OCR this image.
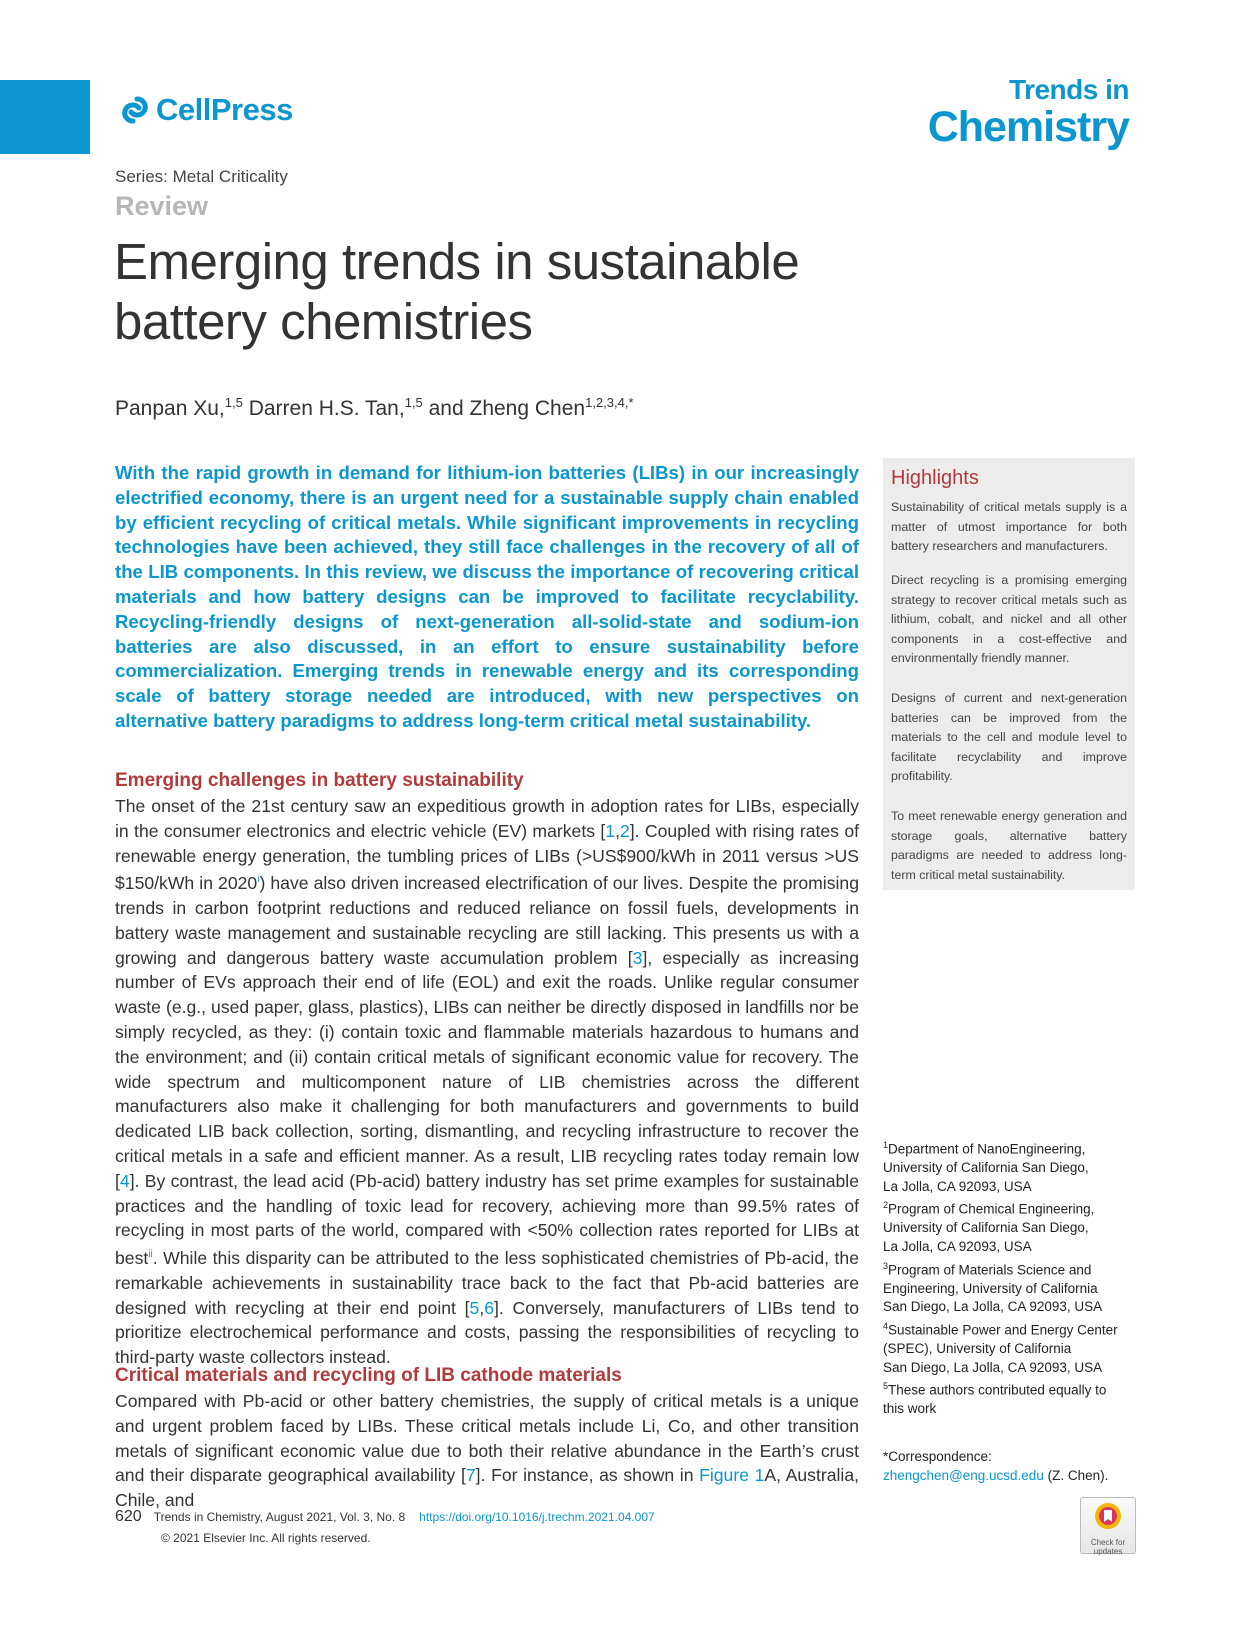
CellPress
Trends in
Chemistry
Series: Metal Criticality
Review
Emerging trends in sustainable
battery chemistries
Panpan Xu,$^{1,5}$ Darren H.S. Tan,$^{1,5}$ and Zheng Chen$^{1,2,3,4,*}$

With the rapid growth in demand for lithium-ion batteries (LIBs) in our increasingly electrified economy, there is an urgent need for a sustainable supply chain enabled by efficient recycling of critical metals. While significant improvements in recycling technologies have been achieved, they still face challenges in the recovery of all of the LIB components. In this review, we discuss the importance of recovering critical materials and how battery designs can be improved to facilitate recyclability. Recycling-friendly designs of next-generation all-solid-state and sodium-ion batteries are also discussed, in an effort to ensure sustainability before commercialization. Emerging trends in renewable energy and its corresponding scale of battery storage needed are introduced, with new perspectives on alternative battery paradigms to address long-term critical metal sustainability.

Emerging challenges in battery sustainability

The onset of the 21st century saw an expeditious growth in adoption rates for LIBs, especially in the consumer electronics and electric vehicle (EV) markets [1,2]. Coupled with rising rates of renewable energy generation, the tumbling prices of LIBs (>US$900/kWh in 2011 versus >US $150/kWh in 2020$^i$) have also driven increased electrification of our lives. Despite the promising trends in carbon footprint reductions and reduced reliance on fossil fuels, developments in battery waste management and sustainable recycling are still lacking. This presents us with a growing and dangerous battery waste accumulation problem [3], especially as increasing number of EVs approach their end of life (EOL) and exit the roads. Unlike regular consumer waste (e.g., used paper, glass, plastics), LIBs can neither be directly disposed in landfills nor be simply recycled, as they: (i) contain toxic and flammable materials hazardous to humans and the environment; and (ii) contain critical metals of significant economic value for recovery. The wide spectrum and multicomponent nature of LIB chemistries across the different manufacturers also make it challenging for both manufacturers and governments to build dedicated LIB back collection, sorting, dismantling, and recycling infrastructure to recover the critical metals in a safe and efficient manner. As a result, LIB recycling rates today remain low [4]. By contrast, the lead acid (Pb-acid) battery industry has set prime examples for sustainable practices and the handling of toxic lead for recovery, achieving more than 99.5% rates of recycling in most parts of the world, compared with <50% collection rates reported for LIBs at best$^{ii}$. While this disparity can be attributed to the less sophisticated chemistries of Pb-acid, the remarkable achievements in sustainability trace back to the fact that Pb-acid batteries are designed with recycling at their end point [5,6]. Conversely, manufacturers of LIBs tend to prioritize electrochemical performance and costs, passing the responsibilities of recycling to third-party waste collectors instead.

Critical materials and recycling of LIB cathode materials

Compared with Pb-acid or other battery chemistries, the supply of critical metals is a unique and urgent problem faced by LIBs. These critical metals include Li, Co, and other transition metals of significant economic value due to both their relative abundance in the Earth’s crust and their disparate geographical availability [7]. For instance, as shown in Figure 1A, Australia, Chile, and

Highlights
Sustainability of critical metals supply is a matter of utmost importance for both battery researchers and manufacturers.
Direct recycling is a promising emerging strategy to recover critical metals such as lithium, cobalt, and nickel and all other components in a cost-effective and environmentally friendly manner.
Designs of current and next-generation batteries can be improved from the materials to the cell and module level to facilitate recyclability and improve profitability.
To meet renewable energy generation and storage goals, alternative battery paradigms are needed to address long-term critical metal sustainability.
$^1$Department of NanoEngineering,
University of California San Diego,
La Jolla, CA 92093, USA
$^2$Program of Chemical Engineering,
University of California San Diego,
La Jolla, CA 92093, USA
$^3$Program of Materials Science and
Engineering, University of California
San Diego, La Jolla, CA 92093, USA
$^4$Sustainable Power and Energy Center
(SPEC), University of California
San Diego, La Jolla, CA 92093, USA
$^5$These authors contributed equally to
this work
*Correspondence:
zhengchen@eng.ucsd.edu (Z. Chen).
620 Trends in Chemistry, August 2021, Vol. 3, No. 8 https://doi.org/10.1016/j.trechm.2021.04.007
© 2021 Elsevier Inc. All rights reserved.	Check for
updates
